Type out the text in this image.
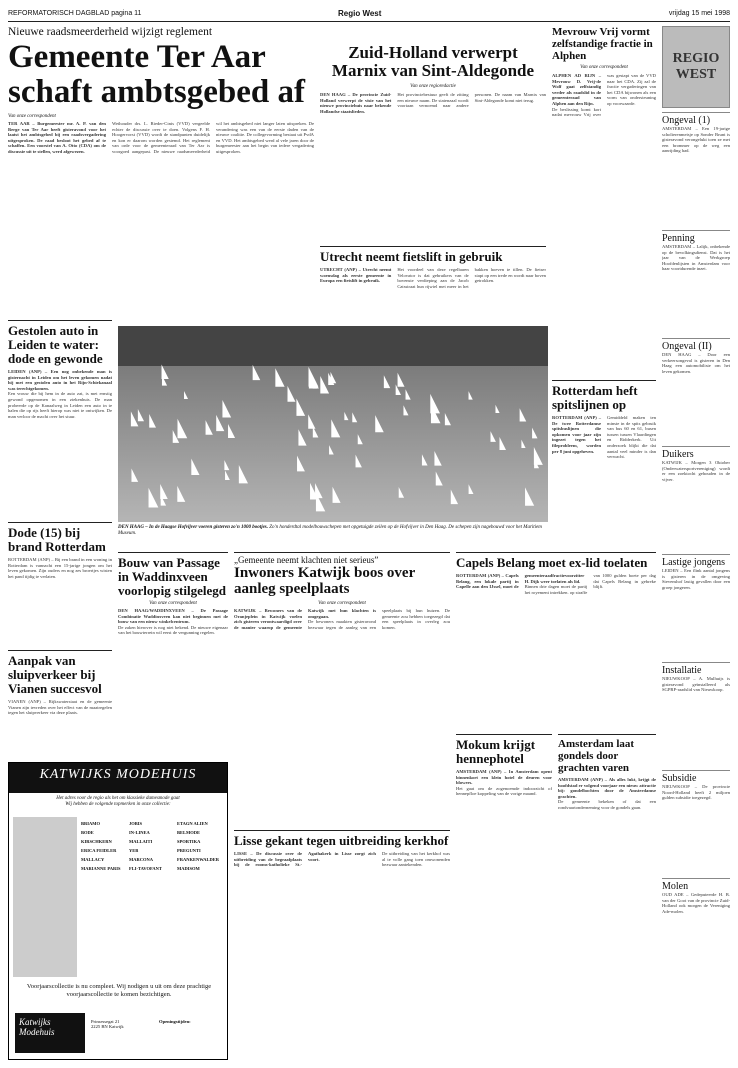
REFORMATORISCH DAGBLAD pagina 11	Regio West	vrijdag 15 mei 1998
Nieuwe raadsmeerderheid wijzigt reglement
Gemeente Ter Aar schaft ambtsgebed af
Van onze correspondent

TER AAR – Burgemeester mr. A. P. van den Berge van Ter Aar heeft gisteravond voor het laatst het ambtsgebed bij een raadsvergadering uitgesproken. De raad besloot het gebed af te schaffen. Een voorstel van A. Otto (CDA) om de discussie uit te stellen, werd afgewezen.

Wethouder drs. L. Rieder-Cinis (VVD) vergeelde echter de discussie over te doen. Volgens F. H. Hoogervorst (VVD) wordt de standpunten duidelijk en kon er daarom worden gestemd. Het reglement van orde voor de gemeenteraad van Ter Aar is voorgoed aangepast. De nieuwe raadsmeerderheid wil het ambtsgebed niet langer laten uitspreken. De verandering was een van de eerste daden van de nieuwe coalitie. De collegevorming bestaat uit PvdA en VVD. Het ambtsgebed werd al vele jaren door de burgemeester aan het begin van iedere vergadering uitgesproken.

Zuid-Holland verwerpt Marnix van Sint-Aldegonde
Van onze regioredactie

DEN HAAG – De provincie Zuid-Holland verwerpt de visie van het nieuwe provinciehuis naar bekende Hollandse staatslieden.

Het provinciebestuur geeft de zitting een nieuwe naam. De statenzaal wordt voortaan vernoemd naar andere personen. De naam van Marnix van Sint-Aldegonde komt niet terug.

Utrecht neemt fietslift in gebruik

UTRECHT (ANP) – Utrecht neemt woensdag als eerste gemeente in Europa een fietslift in gebruik.

Het voordeel van deze regelbaren Velovator is dat gebruikers van de bovenste verdieping aan de Jacob Catsstraat hun rijwiel met meer in het bakken hoeven te tillen. De fietser stapt op een trede en wordt naar boven getrokken.

Mevrouw Vrij vormt zelfstandige fractie in Alphen
Van onze correspondent

ALPHEN AD RIJN – Mevrouw D. Vrij-de Wolf gaat zelfstandig verder als raadslid in de gemeenteraad van Alphen aan den Rijn.

De beslissing komt kort nadat mevrouw Vrij over was gestapt van de VVD naar het CDA. Zij zal de fractie vergaderingen van het CDA bijwonen als een vorm van ondersteuning op voorwaarde.

Gestolen auto in Leiden te water: dode en gewonde

LEIDEN (ANP) – Een nog onbekende man is gisternacht in Leiden om het leven gekomen nadat hij met een gestolen auto in het Rijn-Schiekanaal was terechtgekomen.

Een vrouw die bij hem in de auto zat, is met ernstig gewond opgenomen in een ziekenhuis. De man probeerde op de Kanaalweg in Leiden een auto in te halen die op rijs heeft hierop was niet te ontwijken. De man verloor de macht over het stuur.

Dode (15) bij brand Rotterdam
ROTTERDAM (ANP) – Bij een brand in een woning in Rotterdam is vannacht een 15-jarige jongen om het leven gekomen. Zijn ouders en nog zes broertjes wisten het pand tijdig te verlaten.
Aanpak van sluipverkeer bij Vianen succesvol
VIANEN (ANP) – Rijkswaterstaat en de gemeente Vianen zijn tevreden over het effect van de maatregelen tegen het sluipverkeer via deze plaats.
DEN HAAG – In de Haagse Hofvijver voeren gisteren zo'n 1000 bootjes. Zo'n honderdtal modelbouwschepen met opgetuigde zeilen op de Hofvijver in Den Haag. De schepen zijn nagebouwd voor het Maritiem Museum.
Rotterdam heft spitslijnen op

ROTTERDAM (ANP) – De twee Rotterdamse spitsbuslijnen die opkomen voor jaar zijn ingezet tegen het fileprobleem, worden per 8 juni opgeheven.

Gemiddeld maken ten minste in de spits gebruik van bus 60 en 61, busen tussen tussen Vlaardingen en Ridderkerk. Uit onderzoek blijkt die dat aantal veel minder is dan verwacht.

Bouw van Passage in Waddinxveen voorlopig stilgelegd
Van onze correspondent

DEN HAAG/WADDINXVEEN – De Passage Combinatie Waddinxveen kan niet beginnen met de bouw van een nieuw winkelcentrum.

De zaken hierover is nog niet bekend. De nieuwe eigenaar van het bouwterrein wil eerst de vergunning regelen.

KATWIJKS MODEHUIS
Het adres voor de regio als het om klassieke damesmode gaat
Wij hebben de volgende topmerken in onze collectie:
BRIAMO	JOBIS	ETAGN ALIEN
BODE	IN-LINEA	BELMODE
KIRSCHKERN	MALLAITI	SPORTIKA
ERICA FEIDLER	YEB	PREGUNTI
MALLACY	MARCONA	FRANKENWALDER
MARIANNE PARIS	FLI-TAVOFANT	MADISOM
Voorjaarscollectie is nu compleet. Wij nodigen u uit om deze prachtige voorjaarscollectie te komen bezichtigen.
Katwijks Modehuis
Prinsessegat 21
2225 BN Katwijk
Openingstijden:
„Gemeente neemt klachten niet serieus”
Inwoners Katwijk boos over aanleg speelplaats
Van onze correspondent

KATWIJK – Bewoners van de Oranjeplein in Katwijk voelen zich gisteren verontwaardigd over de manier waarop de gemeente Katwijk met hun klachten is omgegaan.

De bewoners maakten gisteravond bezwaar tegen de aanleg van een speelplaats bij hun huizen. De gemeente zou hebben toegezegd dat een speelplaats in overleg zou komen.

Lisse gekant tegen uitbreiding kerkhof

LISSE – De discussie over de uitbreiding van de begraafplaats bij de rooms-katholieke St.-Agathakerk in Lisse zorgt zich voort.

De uitbreiding van het kerkhof was al te volle gang toen omwonenden bezwaar aantekenden.

Capels Belang moet ex-lid toelaten

ROTTERDAM (ANP) – Capels Belang, een lokale partij in Capelle aan den IJssel, moet de gemeenteraadfractievoorzitter H. Dijk weer toelaten als lid.

Binnen drie dagen moet de partij het royement intrekken. op straffe van 1000 gulden boete per dag dat Capels Belang in gebreke blijft.

Mokum krijgt hennephotel

AMSTERDAM (ANP) – In Amsterdam opent binnenkort een klein hotel de deuren voor blowers.

Het gaat om de zogenoemde indoorzicht of hennepfloe koppeling van de vorige maand.

Amsterdam laat gondels door grachten varen

AMSTERDAM (ANP) – Als alles lukt, krijgt de hoofdstad er volgend voorjaar een nieuw attractie bij: gondelbochten door de Amsterdamse grachten.

De gemeente bekeken of dat een rondvaartonderneming voor de gondels gaan.

REGIO WEST
Ongeval (1)
AMSTERDAM – Een 19-jarige scholierenmeisje op Sonder Brunt is gisteravond verongelukt toen ze met een brommer op de weg een aanrijding had.
Penning
AMSTERDAM – Lalijk, onbekende op de bevolkingsdienst. Dat is het jaar van de Werkgroep Hoofdenlijsten in Amsterdam voor haar voortdurende inzet.
Ongeval (II)
DEN HAAG – Door een verkeersongeval is gisteren in Den Haag een automobiliste om het leven gekomen.
Duikers
KATWIJK – Morgen 3 Oktober (Onderwatersportvereniging) wordt er een zoektocht gehouden in de vijver.
Lastige jongens
LEIDEN – Een flink aantal jongens is gisteren in de omgeving Stevenshof lastig gevallen door een groep jongeren.
Installatie
NIEUWKOOP – A. Mulhuijs is gisteravond geïnstalleerd als SGPRP-raadslid van Nieuwkoop.
Subsidie
NIEUWKOOP – De provincie Noord-Holland heeft 2 miljoen gulden subsidie toegezegd.
Molen
OUD ADE – Gedeputeerde H. B. van der Goot van de provincie Zuid-Holland ook morgen de Vereniging Ade-molen.
